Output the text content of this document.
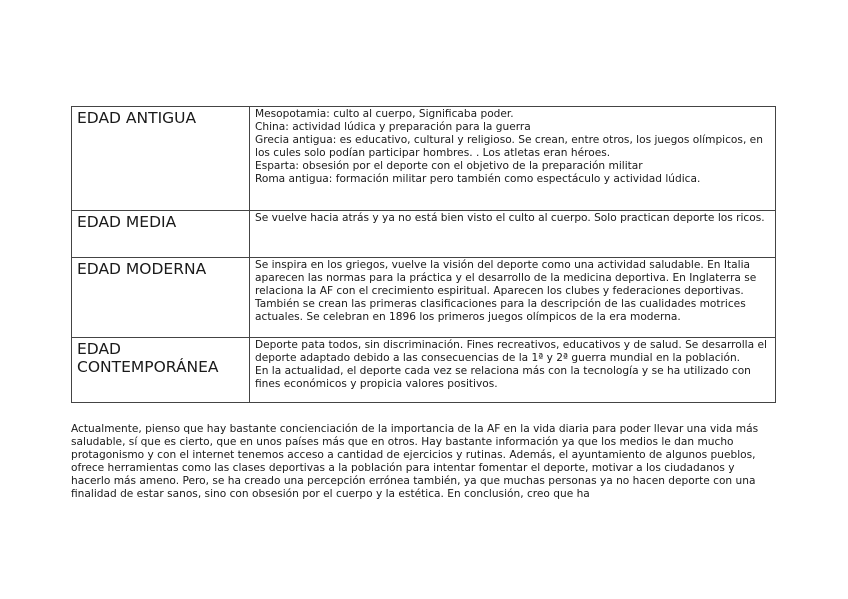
EDAD ANTIGUA	Mesopotamia: culto al cuerpo, Significaba poder.
China: actividad lúdica y preparación para la guerra
Grecia antigua: es educativo, cultural y religioso. Se crean, entre otros, los juegos olímpicos, en los cules solo podían participar hombres. . Los atletas eran héroes.
Esparta: obsesión por el deporte con el objetivo de la preparación militar
Roma antigua: formación militar pero también como espectáculo y actividad lúdica.

EDAD MEDIA	Se vuelve hacia atrás y ya no está bien visto el culto al cuerpo. Solo practican deporte los ricos.

EDAD MODERNA	Se inspira en los griegos, vuelve la visión del deporte como una actividad saludable. En Italia aparecen las normas para la práctica y el desarrollo de la medicina deportiva. En Inglaterra se relaciona la AF con el crecimiento espiritual. Aparecen los clubes y federaciones deportivas. También se crean las primeras clasificaciones para la descripción de las cualidades motrices actuales. Se celebran en 1896 los primeros juegos olímpicos de la era moderna.

EDAD CONTEMPORÁNEA	Deporte pata todos, sin discriminación. Fines recreativos, educativos y de salud. Se desarrolla el deporte adaptado debido a las consecuencias de la 1ª y 2ª guerra mundial en la población.
En la actualidad, el deporte cada vez se relaciona más con la tecnología y se ha utilizado con fines económicos y propicia valores positivos.

Actualmente, pienso que hay bastante concienciación de la importancia de la AF en la vida diaria para poder llevar una vida más saludable, sí que es cierto, que en unos países más que en otros. Hay bastante información ya que los medios le dan mucho protagonismo y con el internet tenemos acceso a cantidad de ejercicios y rutinas. Además, el ayuntamiento de algunos pueblos, ofrece herramientas como las clases deportivas a la población para intentar fomentar el deporte, motivar a los ciudadanos y hacerlo más ameno. Pero, se ha creado una percepción errónea también, ya que muchas personas ya no hacen deporte con una finalidad de estar sanos, sino con obsesión por el cuerpo y la estética. En conclusión, creo que ha
